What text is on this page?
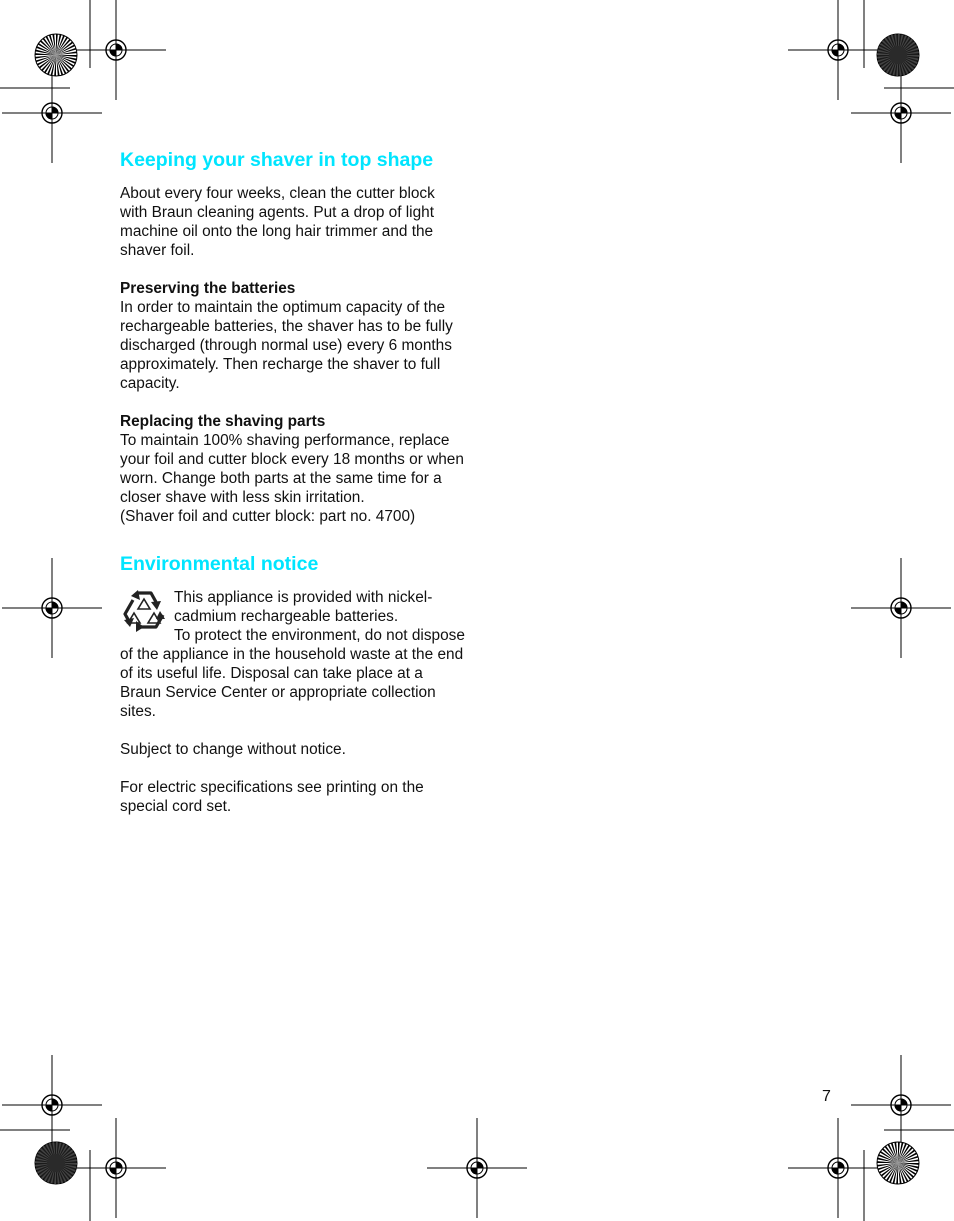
Keeping your shaver in top shape

About every four weeks, clean the cutter block with Braun cleaning agents. Put a drop of light machine oil onto the long hair trimmer and the shaver foil.

Preserving the batteries

In order to maintain the optimum capacity of the rechargeable batteries, the shaver has to be fully discharged (through normal use) every 6 months approximately. Then recharge the shaver to full capacity.

Replacing the shaving parts

To maintain 100% shaving performance, replace your foil and cutter block every 18 months or when worn. Change both parts at the same time for a closer shave with less skin irritation.

(Shaver foil and cutter block: part no. 4700)

Environmental notice

This appliance is provided with nickel-cadmium rechargeable batteries.

To protect the environment, do not dispose of the appliance in the household waste at the end of its useful life. Disposal can take place at a Braun Service Center or appropriate collection sites.

Subject to change without notice.

For electric specifications see printing on the special cord set.

7
